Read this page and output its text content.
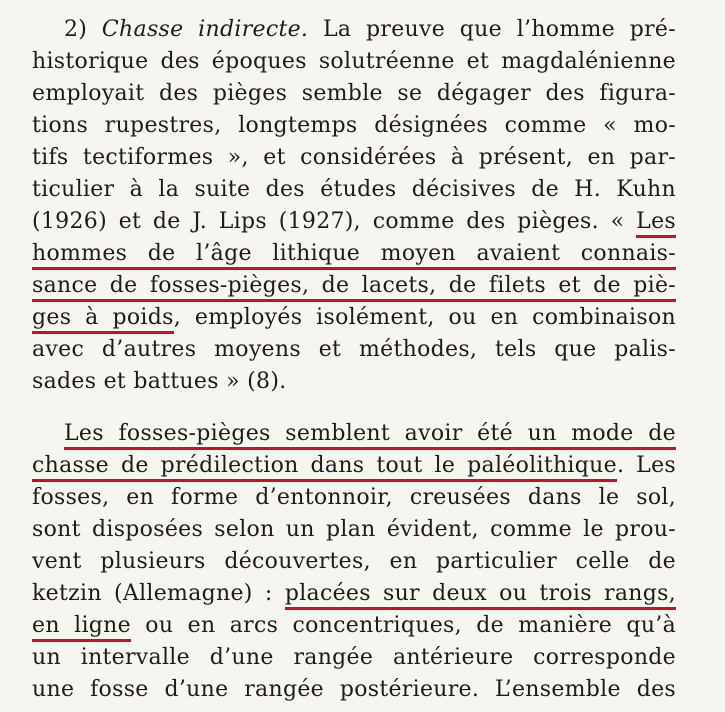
2) Chasse indirecte. La preuve que l’homme pré-
historique des époques solutréenne et magdalénienne
employait des pièges semble se dégager des figura-
tions rupestres, longtemps désignées comme « mo-
tifs tectiformes », et considérées à présent, en par-
ticulier à la suite des études décisives de H. Kuhn
(1926) et de J. Lips (1927), comme des pièges. « Les
hommes de l’âge lithique moyen avaient connais-
sance de fosses-pièges, de lacets, de filets et de piè-
ges à poids, employés isolément, ou en combinaison
avec d’autres moyens et méthodes, tels que palis-
sades et battues » (8).
Les fosses-pièges semblent avoir été un mode de
chasse de prédilection dans tout le paléolithique. Les
fosses, en forme d’entonnoir, creusées dans le sol,
sont disposées selon un plan évident, comme le prou-
vent plusieurs découvertes, en particulier celle de
ketzin (Allemagne) : placées sur deux ou trois rangs,
en ligne ou en arcs concentriques, de manière qu’à
un intervalle d’une rangée antérieure corresponde
une fosse d’une rangée postérieure. L’ensemble des
